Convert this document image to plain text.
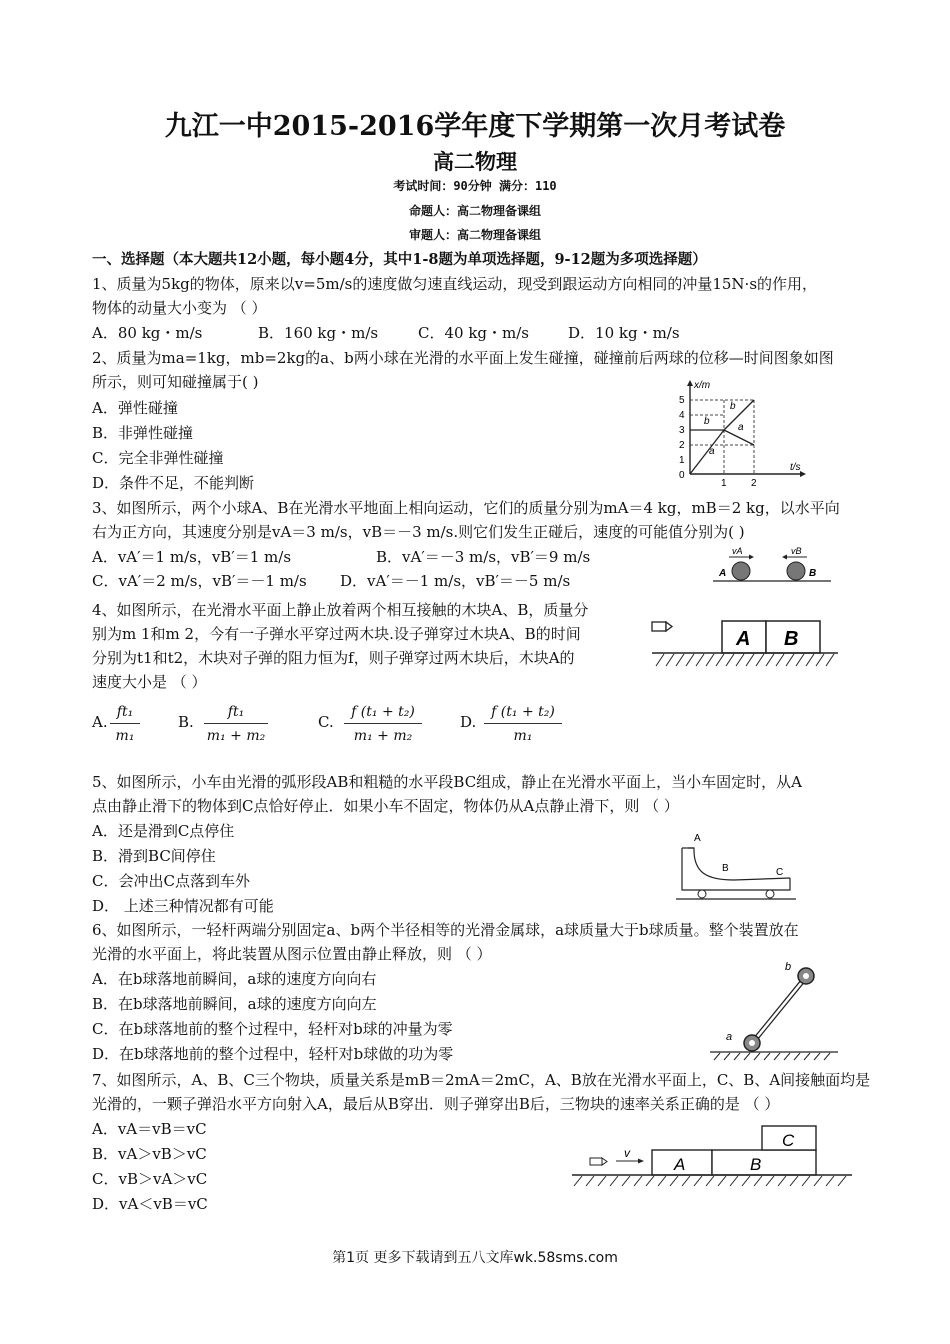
九江一中2015-2016学年度下学期第一次月考试卷
高二物理
考试时间：90分钟 满分：110
命题人：高二物理备课组
审题人：高二物理备课组
一、选择题（本大题共12小题，每小题4分，其中1-8题为单项选择题，9-12题为多项选择题）
1、质量为5kg的物体，原来以v=5m/s的速度做匀速直线运动，现受到跟运动方向相同的冲量15N·s的作用，
物体的动量大小变为 （ ）
A．80 kg・m/s	B．160 kg・m/s	C．40 kg・m/s	D．10 kg・m/s
2、质量为ma=1kg，mb=2kg的a、b两小球在光滑的水平面上发生碰撞，碰撞前后两球的位移—时间图象如图
所示，则可知碰撞属于( )
A．弹性碰撞
B．非弹性碰撞
C．完全非弹性碰撞
D．条件不足，不能判断
x/m
t/s
0
1
2
3
4
5
1 2
b
b
a
a
3、如图所示，两个小球A、B在光滑水平地面上相向运动，它们的质量分别为mA＝4 kg，mB＝2 kg，以水平向
右为正方向，其速度分别是vA＝3 m/s，vB＝－3 m/s.则它们发生正碰后，速度的可能值分别为( )
A．vA′＝1 m/s，vB′＝1 m/s	B．vA′＝－3 m/s，vB′＝9 m/s
C．vA′＝2 m/s，vB′＝－1 m/s D．vA′＝－1 m/s，vB′＝－5 m/s
vA	vB
A	B
4、如图所示，在光滑水平面上静止放着两个相互接触的木块A、B，质量分
别为m 1和m 2，今有一子弹水平穿过两木块.设子弹穿过木块A、B的时间
分别为t1和t2，木块对子弹的阻力恒为f，则子弹穿过两木块后，木块A的
速度大小是 （ ）
A B
A. $\frac{\text{ft₁}}{\text{m₁}}$	B. $\frac{\text{ft₁}}{\text{m₁ + m₂}}$	C. $\frac{\text{f (t₁ + t₂)}}{\text{m₁ + m₂}}$	D. $\frac{\text{f (t₁ + t₂)}}{\text{m₁}}$
5、如图所示，小车由光滑的弧形段AB和粗糙的水平段BC组成，静止在光滑水平面上，当小车固定时，从A
点由静止滑下的物体到C点恰好停止．如果小车不固定，物体仍从A点静止滑下，则 （ ）
A．还是滑到C点停住
B．滑到BC间停住
C．会冲出C点落到车外
D． 上述三种情况都有可能
A
B	C
6、如图所示，一轻杆两端分别固定a、b两个半径相等的光滑金属球，a球质量大于b球质量。整个装置放在
光滑的水平面上，将此装置从图示位置由静止释放，则 （ ）
A．在b球落地前瞬间，a球的速度方向向右
B．在b球落地前瞬间，a球的速度方向向左
C．在b球落地前的整个过程中，轻杆对b球的冲量为零
D．在b球落地前的整个过程中，轻杆对b球做的功为零
b
a
7、如图所示，A、B、C三个物块，质量关系是mB＝2mA＝2mC，A、B放在光滑水平面上，C、B、A间接触面均是
光滑的，一颗子弹沿水平方向射入A，最后从B穿出．则子弹穿出B后，三物块的速率关系正确的是 （ ）
A．vA＝vB＝vC
B．vA＞vB＞vC
C．vB＞vA＞vC
D．vA＜vB＝vC
v
A	B
C
第1页 更多下载请到五八文库wk.58sms.com
